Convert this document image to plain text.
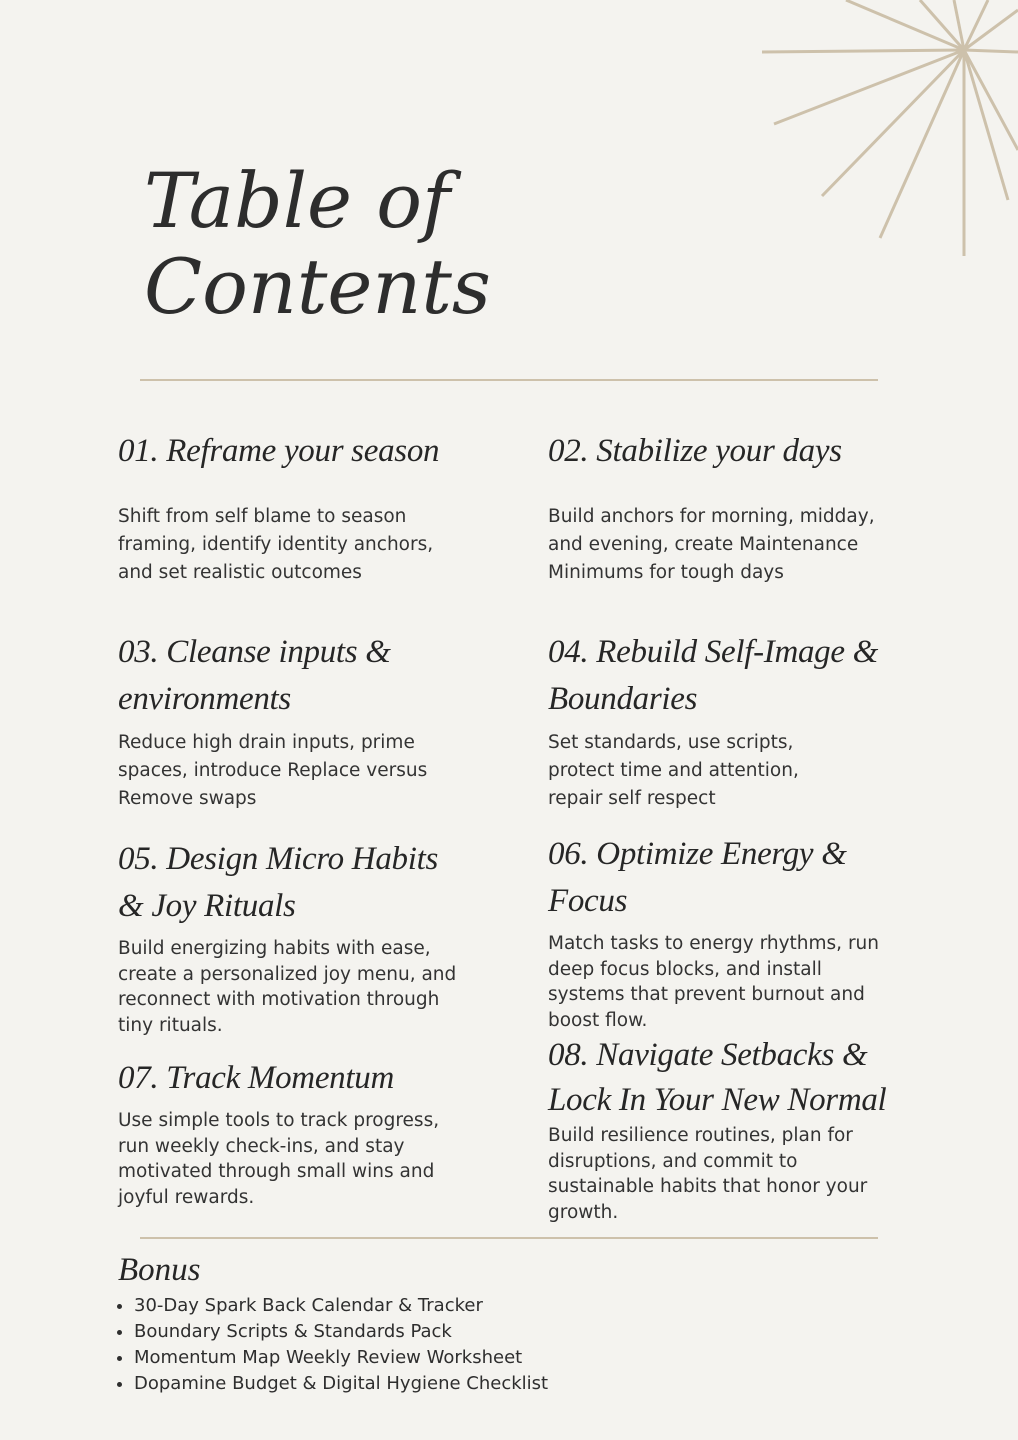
Table of
Contents
01. Reframe your season

Shift from self blame to season framing, identify identity anchors, and set realistic outcomes

02. Stabilize your days

Build anchors for morning, midday, and evening, create Maintenance Minimums for tough days

03. Cleanse inputs & environments

Reduce high drain inputs, prime spaces, introduce Replace versus Remove swaps

04. Rebuild Self-Image & Boundaries

Set standards, use scripts, protect time and attention, repair self respect

05. Design Micro Habits & Joy Rituals

Build energizing habits with ease, create a personalized joy menu, and reconnect with motivation through tiny rituals.

06. Optimize Energy & Focus

Match tasks to energy rhythms, run deep focus blocks, and install systems that prevent burnout and boost flow.

07. Track Momentum

Use simple tools to track progress, run weekly check-ins, and stay motivated through small wins and joyful rewards.

08. Navigate Setbacks & Lock In Your New Normal

Build resilience routines, plan for disruptions, and commit to sustainable habits that honor your growth.

Bonus
• 30-Day Spark Back Calendar & Tracker
• Boundary Scripts & Standards Pack
• Momentum Map Weekly Review Worksheet
• Dopamine Budget & Digital Hygiene Checklist
